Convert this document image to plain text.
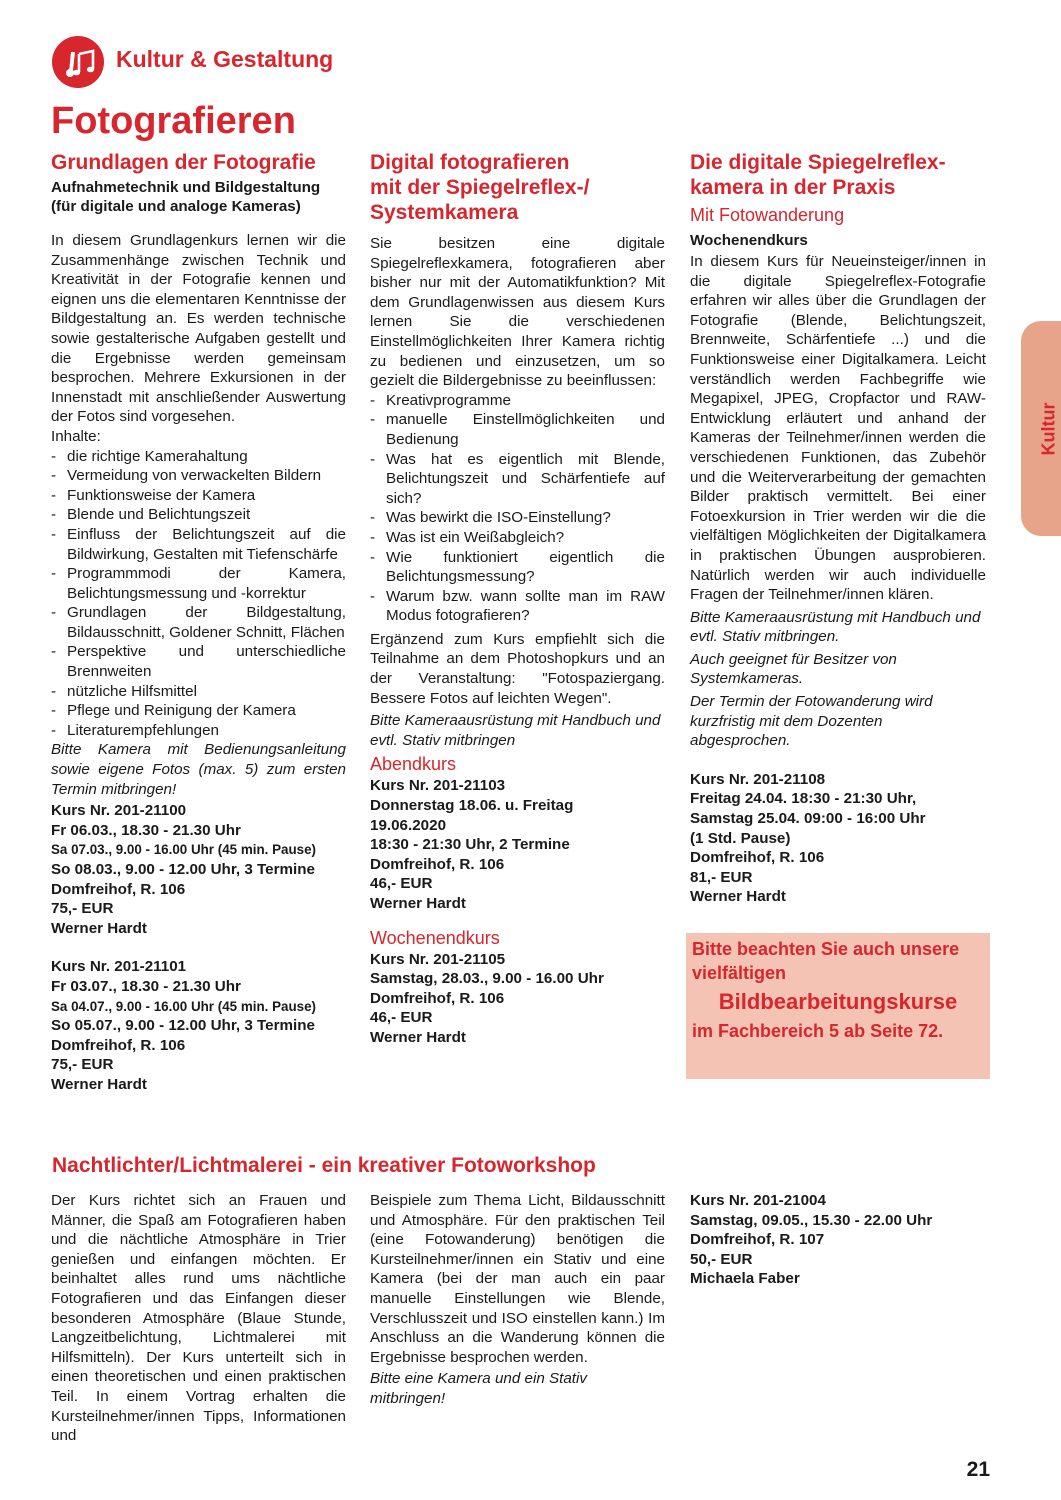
Kultur & Gestaltung
Fotografieren
Kultur

Grundlagen der Fotografie

Aufnahmetechnik und Bildgestaltung
(für digitale und analoge Kameras)

In diesem Grundlagenkurs lernen wir die Zusammenhänge zwischen Technik und Kreativität in der Fotografie kennen und eignen uns die elementaren Kenntnisse der Bildgestaltung an. Es werden technische sowie gestalterische Aufgaben gestellt und die Ergebnisse werden gemeinsam besprochen. Mehrere Exkursionen in der Innenstadt mit anschließender Auswertung der Fotos sind vorgesehen.

Inhalte:

- die richtige Kamerahaltung
- Vermeidung von verwackelten Bildern
- Funktionsweise der Kamera
- Blende und Belichtungszeit
- Einfluss der Belichtungszeit auf die Bildwirkung, Gestalten mit Tiefenschärfe
- Programmmodi der Kamera, Belichtungsmessung und -korrektur
- Grundlagen der Bildgestaltung, Bildausschnitt, Goldener Schnitt, Flächen
- Perspektive und unterschiedliche Brennweiten
- nützliche Hilfsmittel
- Pflege und Reinigung der Kamera
- Literaturempfehlungen

Bitte Kamera mit Bedienungsanleitung sowie eigene Fotos (max. 5) zum ersten Termin mitbringen!

Kurs Nr. 201-21100
Fr 06.03., 18.30 - 21.30 Uhr
Sa 07.03., 9.00 - 16.00 Uhr (45 min. Pause)
So 08.03., 9.00 - 12.00 Uhr, 3 Termine
Domfreihof, R. 106
75,- EUR
Werner Hardt
Kurs Nr. 201-21101
Fr 03.07., 18.30 - 21.30 Uhr
Sa 04.07., 9.00 - 16.00 Uhr (45 min. Pause)
So 05.07., 9.00 - 12.00 Uhr, 3 Termine
Domfreihof, R. 106
75,- EUR
Werner Hardt
Digital fotografieren
mit der Spiegelreflex-/
Systemkamera

Sie besitzen eine digitale Spiegelreflexkamera, fotografieren aber bisher nur mit der Automatikfunktion? Mit dem Grundlagenwissen aus diesem Kurs lernen Sie die verschiedenen Einstellmöglichkeiten Ihrer Kamera richtig zu bedienen und einzusetzen, um so gezielt die Bildergebnisse zu beeinflussen:

- Kreativprogramme
- manuelle Einstellmöglichkeiten und Bedienung
- Was hat es eigentlich mit Blende, Belichtungszeit und Schärfentiefe auf sich?
- Was bewirkt die ISO-Einstellung?
- Was ist ein Weißabgleich?
- Wie funktioniert eigentlich die Belichtungsmessung?
- Warum bzw. wann sollte man im RAW Modus fotografieren?

Ergänzend zum Kurs empfiehlt sich die Teilnahme an dem Photoshopkurs und an der Veranstaltung: "Fotospaziergang. Bessere Fotos auf leichten Wegen".

Bitte Kameraausrüstung mit Handbuch und evtl. Stativ mitbringen

Abendkurs
Kurs Nr. 201-21103
Donnerstag 18.06. u. Freitag
19.06.2020
18:30 - 21:30 Uhr, 2 Termine
Domfreihof, R. 106
46,- EUR
Werner Hardt
Wochenendkurs
Kurs Nr. 201-21105
Samstag, 28.03., 9.00 - 16.00 Uhr
Domfreihof, R. 106
46,- EUR
Werner Hardt
Die digitale Spiegelreflex-
kamera in der Praxis
Mit Fotowanderung
Wochenendkurs

In diesem Kurs für Neueinsteiger/innen in die digitale Spiegelreflex-Fotografie erfahren wir alles über die Grundlagen der Fotografie (Blende, Belichtungszeit, Brennweite, Schärfentiefe ...) und die Funktionsweise einer Digitalkamera. Leicht verständlich werden Fachbegriffe wie Megapixel, JPEG, Cropfactor und RAW-Entwicklung erläutert und anhand der Kameras der Teilnehmer/innen werden die verschiedenen Funktionen, das Zubehör und die Weiterverarbeitung der gemachten Bilder praktisch vermittelt. Bei einer Fotoexkursion in Trier werden wir die die vielfältigen Möglichkeiten der Digitalkamera in praktischen Übungen ausprobieren. Natürlich werden wir auch individuelle Fragen der Teilnehmer/innen klären.

Bitte Kameraausrüstung mit Handbuch und evtl. Stativ mitbringen.

Auch geeignet für Besitzer von Systemkameras.

Der Termin der Fotowanderung wird kurzfristig mit dem Dozenten abgesprochen.

Kurs Nr. 201-21108
Freitag 24.04. 18:30 - 21:30 Uhr,
Samstag 25.04. 09:00 - 16:00 Uhr
(1 Std. Pause)
Domfreihof, R. 106
81,- EUR
Werner Hardt
Bitte beachten Sie auch unsere
vielfältigen
Bildbearbeitungskurse
im Fachbereich 5 ab Seite 72.
Nachtlichter/Lichtmalerei - ein kreativer Fotoworkshop
Der Kurs richtet sich an Frauen und Männer, die Spaß am Fotografieren haben und die nächtliche Atmosphäre in Trier genießen und einfangen möchten. Er beinhaltet alles rund ums nächtliche Fotografieren und das Einfangen dieser besonderen Atmosphäre (Blaue Stunde, Langzeitbelichtung, Lichtmalerei mit Hilfsmitteln). Der Kurs unterteilt sich in einen theoretischen und einen praktischen Teil. In einem Vortrag erhalten die Kursteilnehmer/innen Tipps, Informationen und

Beispiele zum Thema Licht, Bildausschnitt und Atmosphäre. Für den praktischen Teil (eine Fotowanderung) benötigen die Kursteilnehmer/innen ein Stativ und eine Kamera (bei der man auch ein paar manuelle Einstellungen wie Blende, Verschlusszeit und ISO einstellen kann.) Im Anschluss an die Wanderung können die Ergebnisse besprochen werden.

Bitte eine Kamera und ein Stativ mitbringen!

Kurs Nr. 201-21004
Samstag, 09.05., 15.30 - 22.00 Uhr
Domfreihof, R. 107
50,- EUR
Michaela Faber
21
